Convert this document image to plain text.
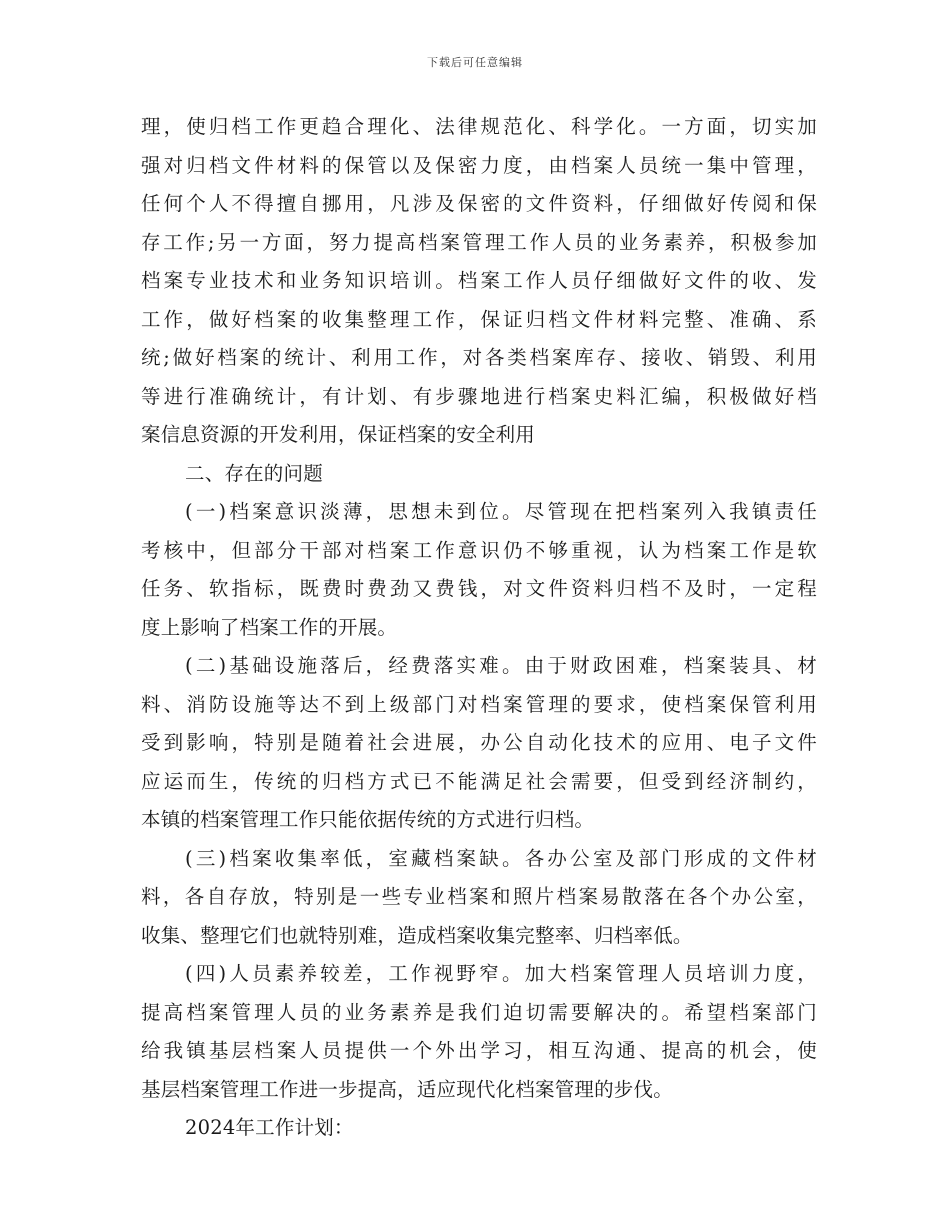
下载后可任意编辑
理，使归档工作更趋合理化、法律规范化、科学化。一方面，切实加
强对归档文件材料的保管以及保密力度，由档案人员统一集中管理，
任何个人不得擅自挪用，凡涉及保密的文件资料，仔细做好传阅和保
存工作;另一方面，努力提高档案管理工作人员的业务素养，积极参加
档案专业技术和业务知识培训。档案工作人员仔细做好文件的收、发
工作，做好档案的收集整理工作，保证归档文件材料完整、准确、系
统;做好档案的统计、利用工作，对各类档案库存、接收、销毁、利用
等进行准确统计，有计划、有步骤地进行档案史料汇编，积极做好档
案信息资源的开发利用，保证档案的安全利用
二、存在的问题
(一)档案意识淡薄，思想未到位。尽管现在把档案列入我镇责任
考核中，但部分干部对档案工作意识仍不够重视，认为档案工作是软
任务、软指标，既费时费劲又费钱，对文件资料归档不及时，一定程
度上影响了档案工作的开展。
(二)基础设施落后，经费落实难。由于财政困难，档案装具、材
料、消防设施等达不到上级部门对档案管理的要求，使档案保管利用
受到影响，特别是随着社会进展，办公自动化技术的应用、电子文件
应运而生，传统的归档方式已不能满足社会需要，但受到经济制约，
本镇的档案管理工作只能依据传统的方式进行归档。
(三)档案收集率低，室藏档案缺。各办公室及部门形成的文件材
料，各自存放，特别是一些专业档案和照片档案易散落在各个办公室，
收集、整理它们也就特别难，造成档案收集完整率、归档率低。
(四)人员素养较差，工作视野窄。加大档案管理人员培训力度，
提高档案管理人员的业务素养是我们迫切需要解决的。希望档案部门
给我镇基层档案人员提供一个外出学习，相互沟通、提高的机会，使
基层档案管理工作进一步提高，适应现代化档案管理的步伐。
2024年工作计划：
